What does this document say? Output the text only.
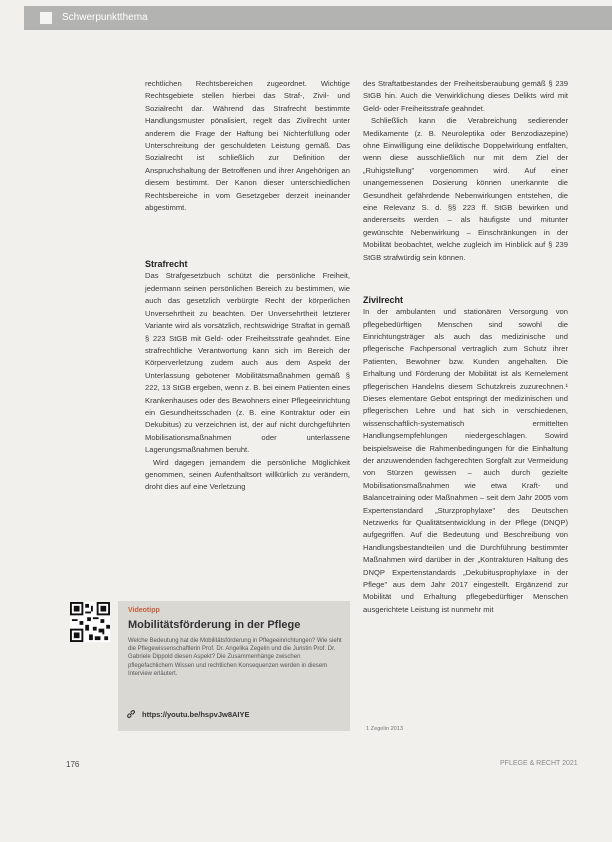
Schwerpunktthema

rechtlichen Rechtsbereichen zugeordnet. Wichtige Rechtsgebiete stellen hierbei das Straf-, Zivil- und Sozialrecht dar. Während das Strafrecht bestimmte Handlungsmuster pönalisiert, regelt das Zivilrecht unter anderem die Frage der Haftung bei Nichterfüllung oder Unterschreitung der geschuldeten Leistung gemäß. Das Sozialrecht ist schließlich zur Definition der Anspruchshaltung der Betroffenen und ihrer Angehörigen an diesem bestimmt. Der Kanon dieser unterschiedlichen Rechtsbereiche in vom Gesetzgeber derzeit ineinander abgestimmt.

Strafrecht

Das Strafgesetzbuch schützt die persönliche Freiheit, jedermann seinen persönlichen Bereich zu bestimmen, wie auch das gesetzlich verbürgte Recht der körperlichen Unversehrtheit zu beachten. Der Unversehrtheit letzterer Variante wird als vorsätzlich, rechtswidrige Straftat in gemäß § 223 StGB mit Geld- oder Freiheitsstrafe geahndet. Eine strafrechtliche Verantwortung kann sich im Bereich der Körperverletzung zudem auch aus dem Aspekt der Unterlassung gebotener Mobilitätsmaßnahmen gemäß § 222, 13 StGB ergeben, wenn z. B. bei einem Patienten eines Krankenhauses oder des Bewohners einer Pflegeeinrichtung ein Gesundheitsschaden (z. B. eine Kontraktur oder ein Dekubitus) zu verzeichnen ist, der auf nicht durchgeführten Mobilisationsmaßnahmen oder unterlassene Lagerungsmaßnahmen beruht.

Wird dagegen jemandem die persönliche Möglichkeit genommen, seinen Aufenthaltsort willkürlich zu verändern, droht dies auf eine Verletzung

des Straftatbestandes der Freiheitsberaubung gemäß § 239 StGB hin. Auch die Verwirklichung dieses Delikts wird mit Geld- oder Freiheitsstrafe geahndet.

Schließlich kann die Verabreichung sedierender Medikamente (z. B. Neuroleptika oder Benzodiazepine) ohne Einwilligung eine deliktische Doppelwirkung entfalten, wenn diese ausschließlich nur mit dem Ziel der „Ruhigstellung" vorgenommen wird. Auf einer unangemessenen Dosierung können unerkannte die Gesundheit gefährdende Nebenwirkungen entstehen, die eine Relevanz S. d. §§ 223 ff. StGB bewirken und andererseits werden – als häufigste und mitunter gewünschte Nebenwirkung – Einschränkungen in der Mobilität beobachtet, welche zugleich im Hinblick auf § 239 StGB strafwürdig sein können.

Zivilrecht

In der ambulanten und stationären Versorgung von pflegebedürftigen Menschen sind sowohl die Einrichtungsträger als auch das medizinische und pflegerische Fachpersonal vertraglich zum Schutz ihrer Patienten, Bewohner bzw. Kunden angehalten. Die Erhaltung und Förderung der Mobilität ist als Kernelement pflegerischen Handelns diesem Schutzkreis zuzurechnen.¹ Dieses elementare Gebot entspringt der medizinischen und pflegerischen Lehre und hat sich in verschiedenen, wissenschaftlich-systematisch ermittelten Handlungsempfehlungen niedergeschlagen. Sowird beispielsweise die Rahmenbedingungen für die Einhaltung der anzuwendenden fachgerechten Sorgfalt zur Vermeidung von Stürzen gewissen – auch durch gezielte Mobilisationsmaßnahmen wie etwa Kraft- und Balancetraining oder Maßnahmen – seit dem Jahr 2005 vom Expertenstandard „Sturzprophylaxe" des Deutschen Netzwerks für Qualitätsentwicklung in der Pflege (DNQP) aufgegriffen. Auf die Bedeutung und Beschreibung von Handlungsbestandteilen und die Durchführung bestimmter Maßnahmen wird darüber in der „Kontrakturen Haltung des DNQP Expertenstandards „Dekubitusprophylaxe in der Pflege" aus dem Jahr 2017 eingestellt. Ergänzend zur Mobilität und Erhaltung pflegebedürftiger Menschen ausgerichtete Leistung ist nunmehr mit

Videotipp
Mobilitätsförderung in der Pflege
Welche Bedeutung hat die Mobilitätsförderung in Pflegeeinrichtungen? Wie sieht die Pflegewissenschaftlerin Prof. Dr. Angelika Zegelin und die Juristin Prof. Dr. Gabriele Dippold diesen Aspekt? Die Zusammenhänge zwischen pflegefachlichem Wissen und rechtlichen Konsequenzen werden in diesem Interview erläutert.
https://youtu.be/hspvJw8AIYE
1 Zegelin 2013
176	PFLEGE & RECHT 2021
